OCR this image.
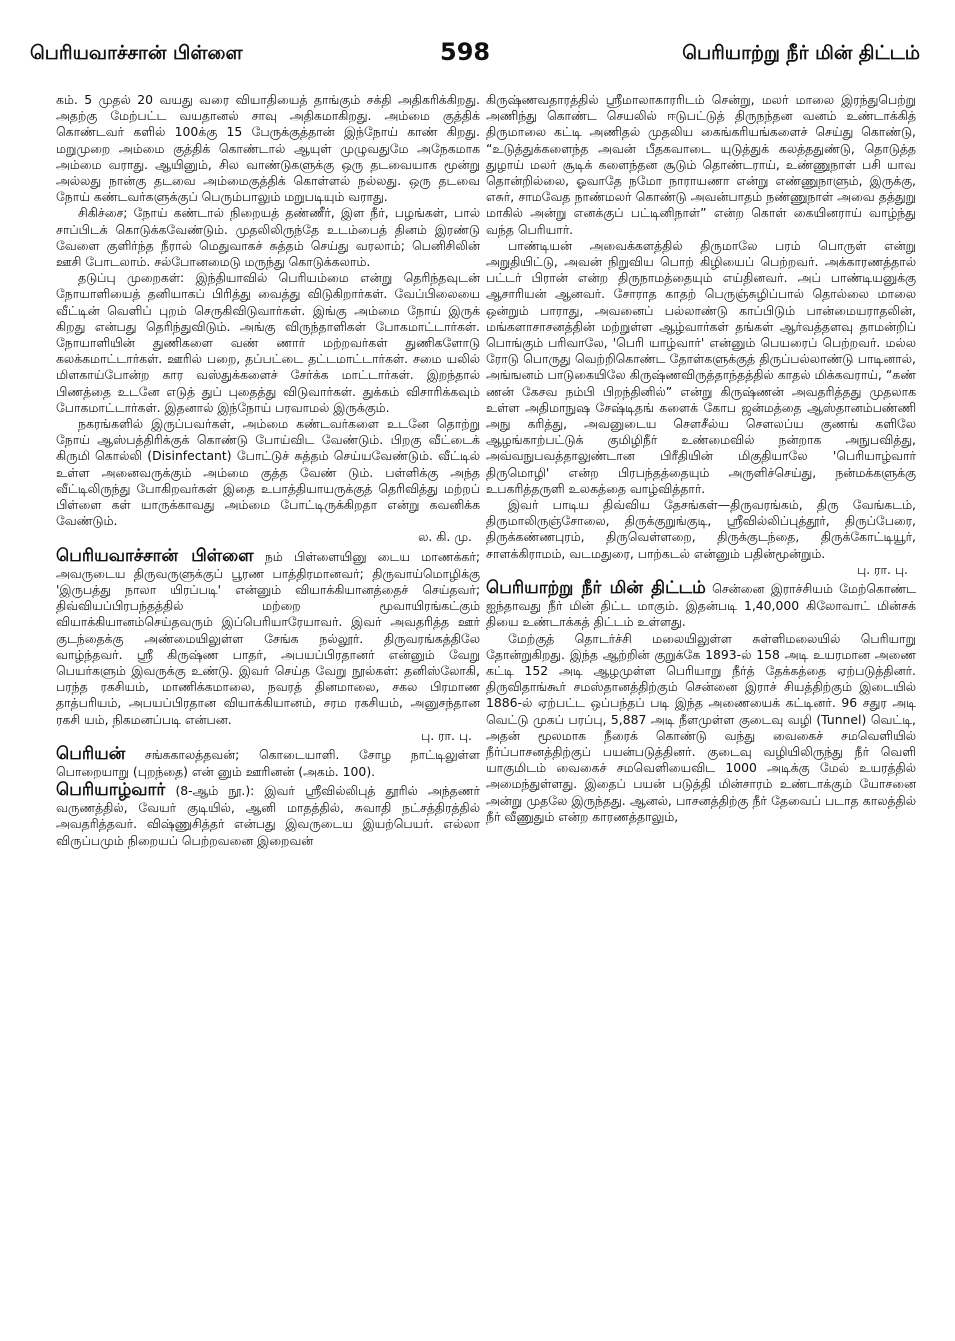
பெரியவாச்சான் பிள்ளை	598	பெரியாற்று நீர் மின் திட்டம்

கம். 5 முதல் 20 வயது வரை வியாதியைத் தாங்கும் சக்தி அதிகரிக்கிறது. அதற்கு மேற்பட்ட வயதானல் சாவு அதிகமாகிறது. அம்மை குத்திக் கொண்டவர் களில் 100க்கு 15 பேருக்குத்தான் இந்நோய் காண் கிறது. மறுமுறை அம்மை குத்திக் கொண்டால் ஆயுள் முழுவதுமே அநேகமாக அம்மை வராது. ஆயினும், சில வாண்டுகளுக்கு ஒரு தடவையாக மூன்று அல்லது நான்கு தடவை அம்மைகுத்திக் கொள்ளல் நல்லது. ஒரு தடவை நோய் கண்டவர்களுக்குப் பெரும்பாலும் மறுபடியும் வராது.

சிகிச்சை; நோய் கண்டால் நிறையத் தண்ணீர், இள நீர், பழங்கள், பால் சாப்பிடக் கொடுக்கவேண்டும். முதலிலிருந்தே உடம்பைத் தினம் இரண்டு வேளை குளிர்ந்த நீரால் மெதுவாகச் சுத்தம் செய்து வரலாம்; பெனிசிலின் ஊசி போடலாம். சல்போனமைடு மருந்து கொடுக்கலாம்.

தடுப்பு முறைகள்: இந்தியாவில் பெரியம்மை என்று தெரிந்தவுடன் நோயாளியைத் தனியாகப் பிரித்து வைத்து விடுகிறார்கள். வேப்பிலையை வீட்டின் வெளிப் புறம் செருகிவிடுவார்கள். இங்கு அம்மை நோய் இருக் கிறது என்பது தெரிந்துவிடும். அங்கு விருந்தாளிகள் போகமாட்டார்கள். நோயாளியின் துணிகளை வண் ணார் மற்றவர்கள் துணிகளோடு கலக்கமாட்டார்கள். ஊரில் பறை, தப்பட்டை தட்டமாட்டார்கள். சமை யலில் மிளகாய்போன்ற கார வஸ்துக்களைச் சேர்க்க மாட்டார்கள். இறந்தால் பிணத்தை உடனே எடுத் துப் புதைத்து விடுவார்கள். துக்கம் விசாரிக்கவும் போகமாட்டார்கள். இதனால் இந்நோய் பரவாமல் இருக்கும்.

நகரங்களில் இருப்பவர்கள், அம்மை கண்டவர்களை உடனே தொற்று நோய் ஆஸ்பத்திரிக்குக் கொண்டு போய்விட வேண்டும். பிறகு வீட்டைக் கிருமி கொல்லி (Disinfectant) போட்டுச் சுத்தம் செய்யவேண்டும். வீட்டில் உள்ள அனைவருக்கும் அம்மை குத்த வேண் டும். பள்ளிக்கு அந்த வீட்டிலிருந்து போகிறவர்கள் இதை உபாத்தியாயருக்குத் தெரிவித்து மற்றப் பிள்ளை கள் யாருக்காவது அம்மை போட்டிருக்கிறதா என்று கவனிக்க வேண்டும்.

ல. கி. மு.

பெரியவாச்சான் பிள்ளை நம் பிள்ளையினு டைய மாணக்கர்; அவருடைய திருவருளுக்குப் பூரண பாத்திரமானவர்; திருவாய்மொழிக்கு 'இருபத்து நாலா யிரப்படி' என்னும் வியாக்கியானத்தைச் செய்தவர்; திவ்வியப்பிரபந்தத்தில் மற்றை மூவாயிரங்கட்கும் வியாக்கியானம்செய்தவரும் இப்பெரியாரேயாவர். இவர் அவதரித்த ஊர் குடந்தைக்கு அண்மையிலுள்ள சேங்க நல்லூர். திருவரங்கத்திலே வாழ்ந்தவர். ஸ்ரீ கிருஷ்ண பாதர், அபயப்பிரதானர் என்னும் வேறு பெயர்களும் இவருக்கு உண்டு. இவர் செய்த வேறு நூல்கள்: தனிஸ்லோகி, பரந்த ரகசியம், மாணிக்கமாலை, நவரத் தினமாலை, சகல பிரமாண தாத்பரியம், அபயப்பிரதான வியாக்கியானம், சரம ரகசியம், அனுசந்தான ரகசி யம், நிகமனப்படி என்பன.

பு. ரா. பு.

பெரியன் சங்ககாலத்தவன்; கொடையாளி. சோழ நாட்டிலுள்ள பொறையாறு (புறந்தை) என் னும் ஊரினன் (அகம். 100).

பெரியாழ்வார் (8-ஆம் நூ.): இவர் ஸ்ரீவில்லிபுத் தூரில் அந்தணர் வருணத்தில், வேயர் குடியில், ஆனி மாதத்தில், சுவாதி நட்சத்திரத்தில் அவதரித்தவர். விஷ்ணுசித்தர் என்பது இவருடைய இயற்பெயர். எல்லா விருப்பமும் நிறையப் பெற்றவனை இறைவன்

கிருஷ்ணவதாரத்தில் ஸ்ரீமாலாகாரரிடம் சென்று, மலர் மாலை இரந்துபெற்று அணிந்து கொண்ட செயலில் ஈடுபட்டுத் திருநந்தன வனம் உண்டாக்கித் திருமாலை கட்டி அணிதல் முதலிய கைங்கரியங்களைச் செய்து கொண்டு, “உடுத்துக்களைந்த அவன் பீதகவாடை யுடுத்துக் கலத்ததுண்டு, தொடுத்த துழாய் மலர் சூடிக் களைந்தன சூடும் தொண்டராய், உண்ணுநாள் பசி யாவ தொன்றில்லை, ஓவாதே நமோ நாராயணா என்று எண்ணுநாளும், இருக்கு, எசுர், சாமவேத நாண்மலர் கொண்டு அவன்பாதம் நண்ணுநாள் அவை தத்துறு மாகில் அன்று எனக்குப் பட்டினிநாள்” என்ற கொள் கையினராய் வாழ்ந்து வந்த பெரியார்.

பாண்டியன் அவைக்களத்தில் திருமாலே பரம் பொருள் என்று அறுதியிட்டு, அவன் நிறுவிய பொற் கிழியைப் பெற்றவர். அக்காரணத்தால் பட்டர் பிரான் என்ற திருநாமத்தையும் எய்தினவர். அப் பாண்டியனுக்கு ஆசாரியன் ஆனவர். சோராத காதற் பெருஞ்சுழிப்பால் தொல்லை மாலை ஒன்றும் பாராது, அவனைப் பல்லாண்டு காப்பிடும் பான்மையராதலின், மங்களாசாசனத்தின் மற்றுள்ள ஆழ்வார்கள் தங்கள் ஆர்வத்தளவு தாமன்றிப் பொங்கும் பரிவாலே, 'பெரி யாழ்வார்' என்னும் பெயரைப் பெற்றவர். மல்ல ரோடு பொருது வெற்றிகொண்ட தோள்களுக்குத் திருப்பல்லாண்டு பாடினால், அங்ஙனம் பாடுகையிலே கிருஷ்ணவிருத்தாந்தத்தில் காதல் மிக்கவராய், “கண் ணன் கேசவ நம்பி பிறந்தினில்” என்று கிருஷ்ணன் அவதரித்தது முதலாக உள்ள அதிமாநுஷ சேஷ்டிதங் களைக் கோப ஜன்மத்தை ஆஸ்தானம்பண்ணி அநு கரித்து, அவனுடைய சௌசீல்ய சௌலப்ய குணங் களிலே ஆழங்காற்பட்டுக் குமிழிநீர் உண்மைவில் நன்றாக அநுபவித்து, அவ்வநுபவத்தாலுண்டான பிரீதியின் மிகுதியாலே 'பெரியாழ்வார் திருமொழி' என்ற பிரபந்தத்தையும் அருளிச்செய்து, நன்மக்களுக்கு உபகரித்தருளி உலகத்தை வாழ்வித்தார்.

இவர் பாடிய திவ்விய தேசங்கள்—திருவரங்கம், திரு வேங்கடம், திருமாலிருஞ்சோலை, திருக்குறுங்குடி, ஸ்ரீவில்லிப்புத்தூர், திருப்பேரை, திருக்கண்ணபுரம், திருவெள்ளறை, திருக்குடந்தை, திருக்கோட்டியூர், சாளக்கிராமம், வடமதுரை, பாற்கடல் என்னும் பதின்மூன்றும்.

பு. ரா. பு.

பெரியாற்று நீர் மின் திட்டம் சென்னை இராச்சியம் மேற்கொண்ட ஐந்தாவது நீர் மின் திட்ட மாகும். இதன்படி 1,40,000 கிலோவாட் மின்சக் தியை உண்டாக்கத் திட்டம் உள்ளது.

மேற்குத் தொடர்ச்சி மலையிலுள்ள சுள்ளிமலையில் பெரியாறு தோன்றுகிறது. இந்த ஆற்றின் குறுக்கே 1893-ல் 158 அடி உயரமான அணை கட்டி 152 அடி ஆழமுள்ள பெரியாறு நீர்த் தேக்கத்தை ஏற்படுத்தினர். திருவிதாங்கூர் சமஸ்தானத்திற்கும் சென்னை இராச் சியத்திற்கும் இடையில் 1886-ல் ஏற்பட்ட ஒப்பந்தப் படி இந்த அணையைக் கட்டினர். 96 சதுர அடி வெட்டு முகப் பரப்பு, 5,887 அடி நீளமுள்ள குடைவு வழி (Tunnel) வெட்டி, அதன் மூலமாக நீரைக் கொண்டு வந்து வைகைச் சமவெளியில் நீர்ப்பாசனத்திற்குப் பயன்படுத்தினர். குடைவு வழியிலிருந்து நீர் வெளி யாகுமிடம் வைகைச் சமவெளியைவிட 1000 அடிக்கு மேல் உயரத்தில் அமைந்துள்ளது. இதைப் பயன் படுத்தி மின்சாரம் உண்டாக்கும் யோசனை அன்று முதலே இருந்தது. ஆனல், பாசனத்திற்கு நீர் தேவைப் படாத காலத்தில் நீர் வீணுதும் என்ற காரணத்தாலும்,
